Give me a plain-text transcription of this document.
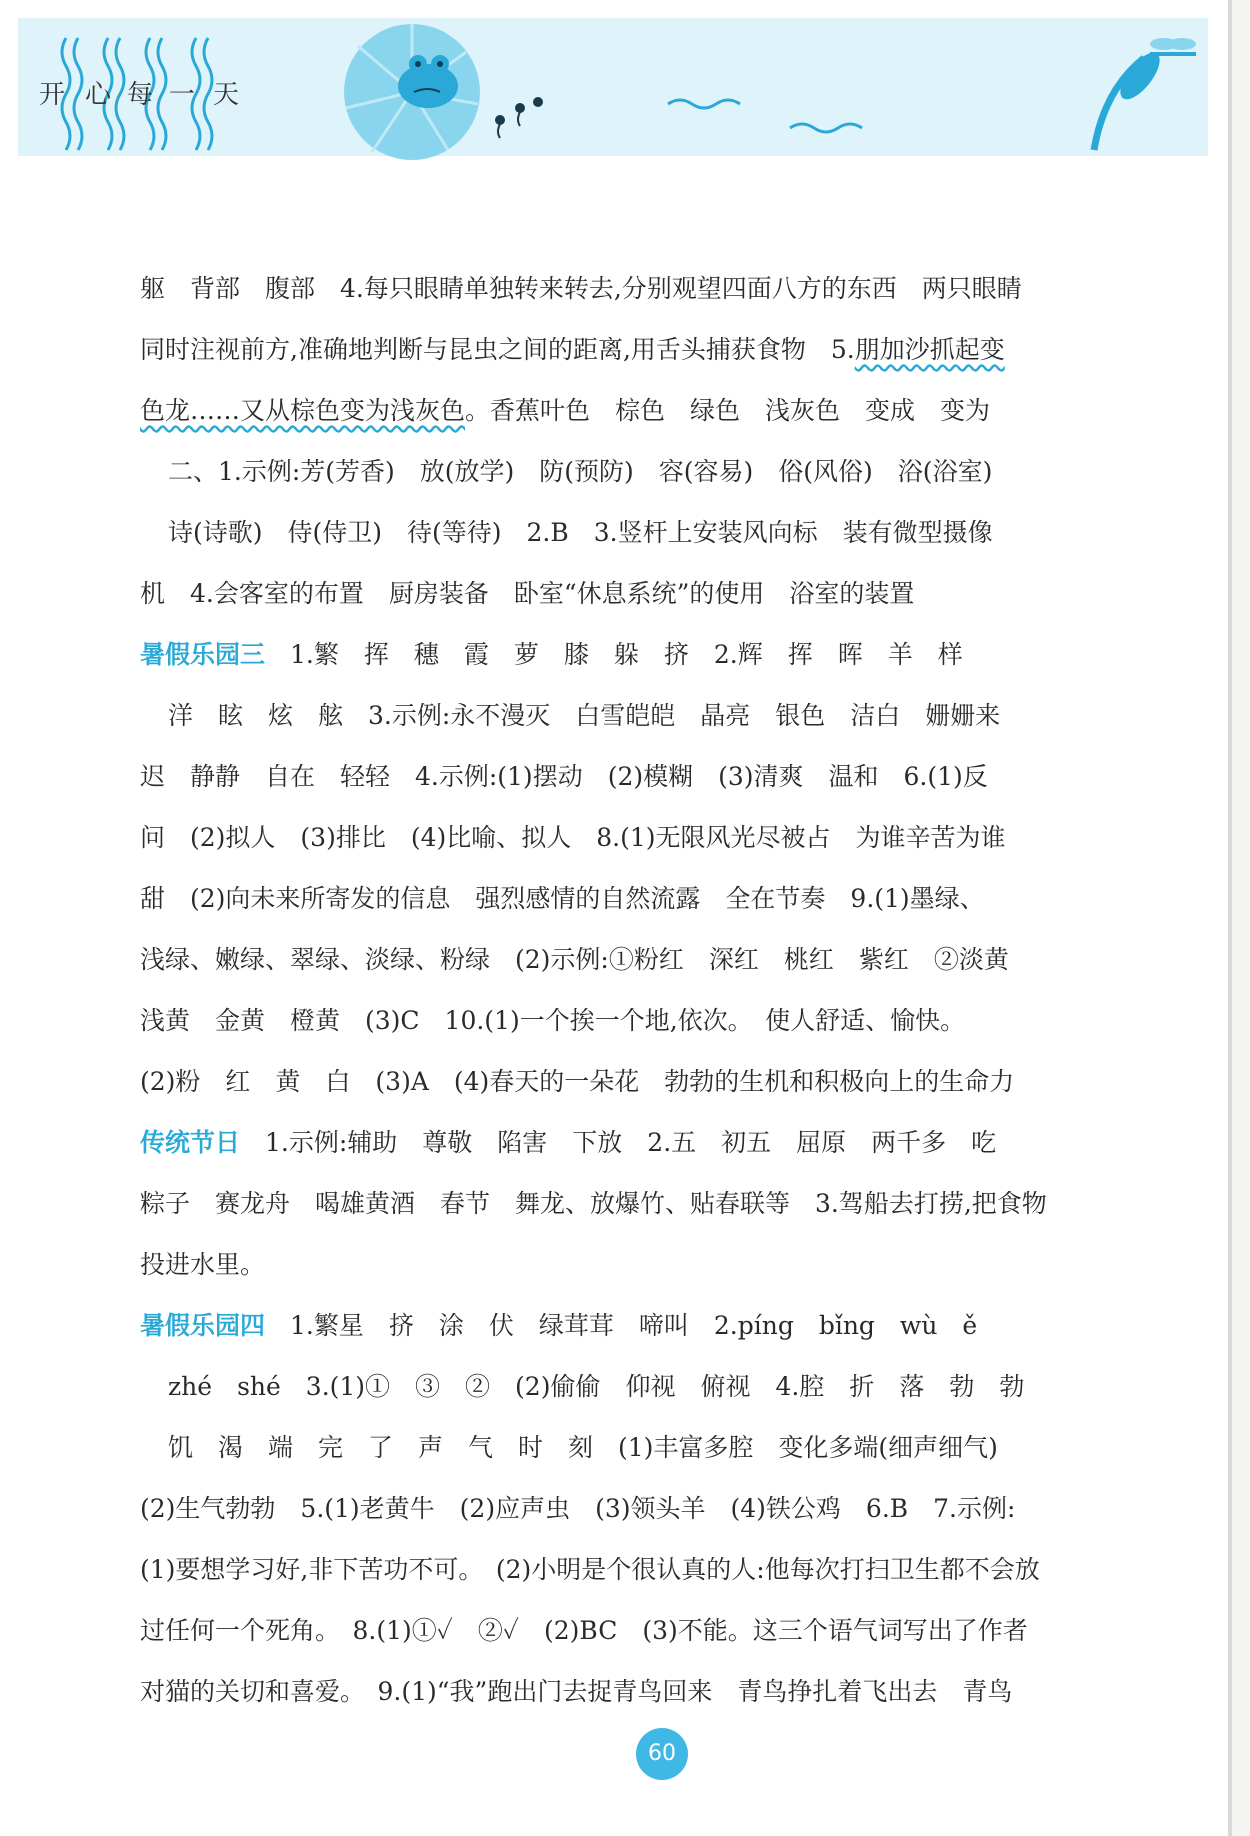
开 心 每 一 天
躯　背部　腹部　4.每只眼睛单独转来转去,分别观望四面八方的东西　两只眼睛
同时注视前方,准确地判断与昆虫之间的距离,用舌头捕获食物　5.朋加沙抓起变
色龙……又从棕色变为浅灰色。香蕉叶色　棕色　绿色　浅灰色　变成　变为
二、1.示例:芳(芳香)　放(放学)　防(预防)　容(容易)　俗(风俗)　浴(浴室)
诗(诗歌)　侍(侍卫)　待(等待)　2.B　3.竖杆上安装风向标　装有微型摄像
机　4.会客室的布置　厨房装备　卧室“休息系统”的使用　浴室的装置
暑假乐园三　1.繁　挥　穗　霞　萝　膝　躲　挤　2.辉　挥　晖　羊　样
洋　眩　炫　舷　3.示例:永不漫灭　白雪皑皑　晶亮　银色　洁白　姗姗来
迟　静静　自在　轻轻　4.示例:(1)摆动　(2)模糊　(3)清爽　温和　6.(1)反
问　(2)拟人　(3)排比　(4)比喻、拟人　8.(1)无限风光尽被占　为谁辛苦为谁
甜　(2)向未来所寄发的信息　强烈感情的自然流露　全在节奏　9.(1)墨绿、
浅绿、嫩绿、翠绿、淡绿、粉绿　(2)示例:①粉红　深红　桃红　紫红　②淡黄
浅黄　金黄　橙黄　(3)C　10.(1)一个挨一个地,依次。　使人舒适、愉快。
(2)粉　红　黄　白　(3)A　(4)春天的一朵花　勃勃的生机和积极向上的生命力
传统节日　1.示例:辅助　尊敬　陷害　下放　2.五　初五　屈原　两千多　吃
粽子　赛龙舟　喝雄黄酒　春节　舞龙、放爆竹、贴春联等　3.驾船去打捞,把食物
投进水里。
暑假乐园四　1.繁星　挤　涂　伏　绿茸茸　啼叫　2.píng　bǐng　wù　ě
zhé　shé　3.(1)①　③　②　(2)偷偷　仰视　俯视　4.腔　折　落　勃　勃
饥　渴　端　完　了　声　气　时　刻　(1)丰富多腔　变化多端(细声细气)
(2)生气勃勃　5.(1)老黄牛　(2)应声虫　(3)领头羊　(4)铁公鸡　6.B　7.示例:
(1)要想学习好,非下苦功不可。　(2)小明是个很认真的人:他每次打扫卫生都不会放
过任何一个死角。　8.(1)①✓　②✓　(2)BC　(3)不能。这三个语气词写出了作者
对猫的关切和喜爱。　9.(1)“我”跑出门去捉青鸟回来　青鸟挣扎着飞出去　青鸟
60
